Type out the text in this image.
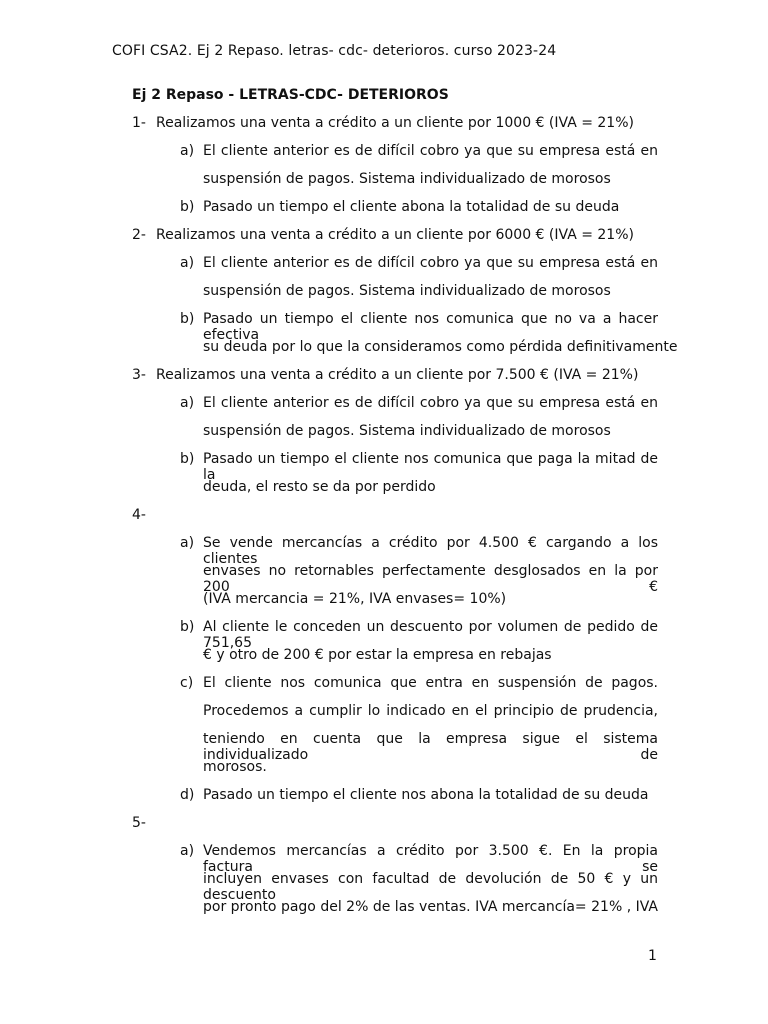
COFI CSA2. Ej 2 Repaso. letras- cdc- deterioros. curso 2023-24
Ej 2 Repaso - LETRAS-CDC- DETERIOROS
1- Realizamos una venta a crédito a un cliente por 1000 € (IVA = 21%)
a) El cliente anterior es de difícil cobro ya que su empresa está en
suspensión de pagos. Sistema individualizado de morosos
b) Pasado un tiempo el cliente abona la totalidad de su deuda
2- Realizamos una venta a crédito a un cliente por 6000 € (IVA = 21%)
a) El cliente anterior es de difícil cobro ya que su empresa está en
suspensión de pagos. Sistema individualizado de morosos
b) Pasado un tiempo el cliente nos comunica que no va a hacer efectiva
su deuda por lo que la consideramos como pérdida definitivamente
3- Realizamos una venta a crédito a un cliente por 7.500 € (IVA = 21%)
a) El cliente anterior es de difícil cobro ya que su empresa está en
suspensión de pagos. Sistema individualizado de morosos
b) Pasado un tiempo el cliente nos comunica que paga la mitad de la
deuda, el resto se da por perdido
4-
a) Se vende mercancías a crédito por 4.500 € cargando a los clientes
envases no retornables perfectamente desglosados en la por 200 €
(IVA mercancia = 21%, IVA envases= 10%)
b) Al cliente le conceden un descuento por volumen de pedido de 751,65
€ y otro de 200 € por estar la empresa en rebajas
c) El cliente nos comunica que entra en suspensión de pagos.
Procedemos a cumplir lo indicado en el principio de prudencia,
teniendo en cuenta que la empresa sigue el sistema individualizado de
morosos.
d) Pasado un tiempo el cliente nos abona la totalidad de su deuda
5-
a) Vendemos mercancías a crédito por 3.500 €. En la propia factura se
incluyen envases con facultad de devolución de 50 € y un descuento
por pronto pago del 2% de las ventas. IVA mercancía= 21% , IVA
1
